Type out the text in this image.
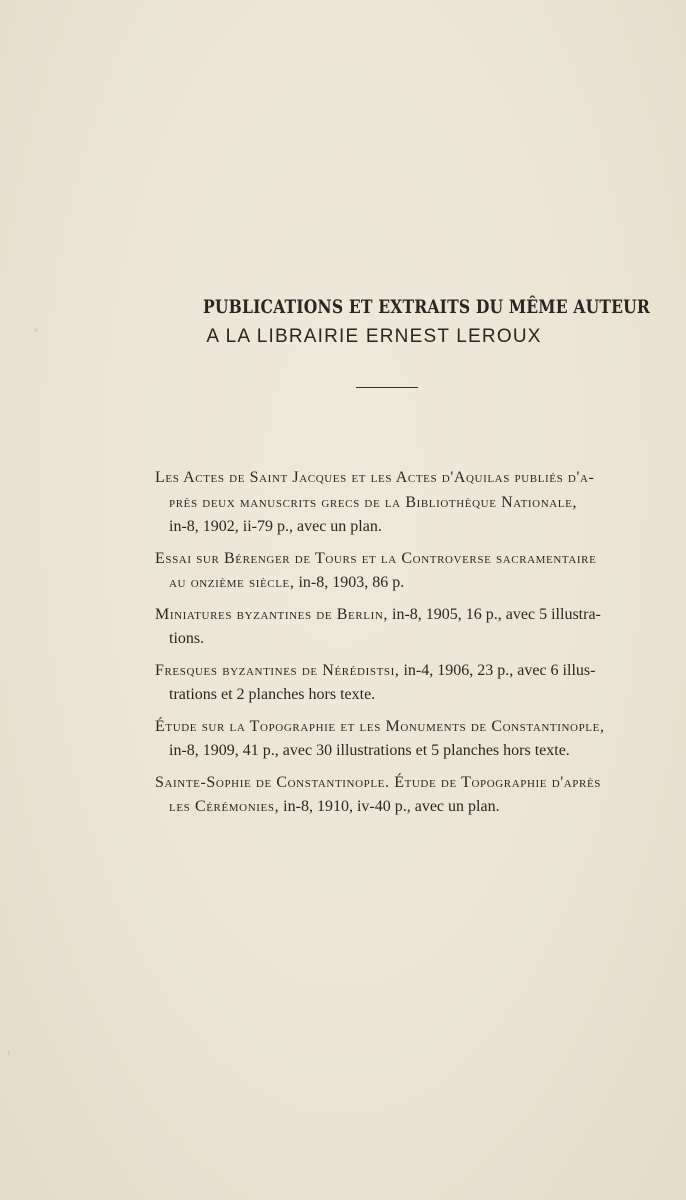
PUBLICATIONS ET EXTRAITS DU MÊME AUTEUR
A LA LIBRAIRIE ERNEST LEROUX
Les Actes de Saint Jacques et les Actes d'Aquilas publiés d'a-
près deux manuscrits grecs de la Bibliothèque Nationale,
in-8, 1902, ii-79 p., avec un plan.
Essai sur Bérenger de Tours et la Controverse sacramentaire
au onzième siècle, in-8, 1903, 86 p.
Miniatures byzantines de Berlin, in-8, 1905, 16 p., avec 5 illustra-
tions.
Fresques byzantines de Nérédistsi, in-4, 1906, 23 p., avec 6 illus-
trations et 2 planches hors texte.
Étude sur la Topographie et les Monuments de Constantinople,
in-8, 1909, 41 p., avec 30 illustrations et 5 planches hors texte.
Sainte-Sophie de Constantinople. Étude de Topographie d'après
les Cérémonies, in-8, 1910, iv-40 p., avec un plan.
